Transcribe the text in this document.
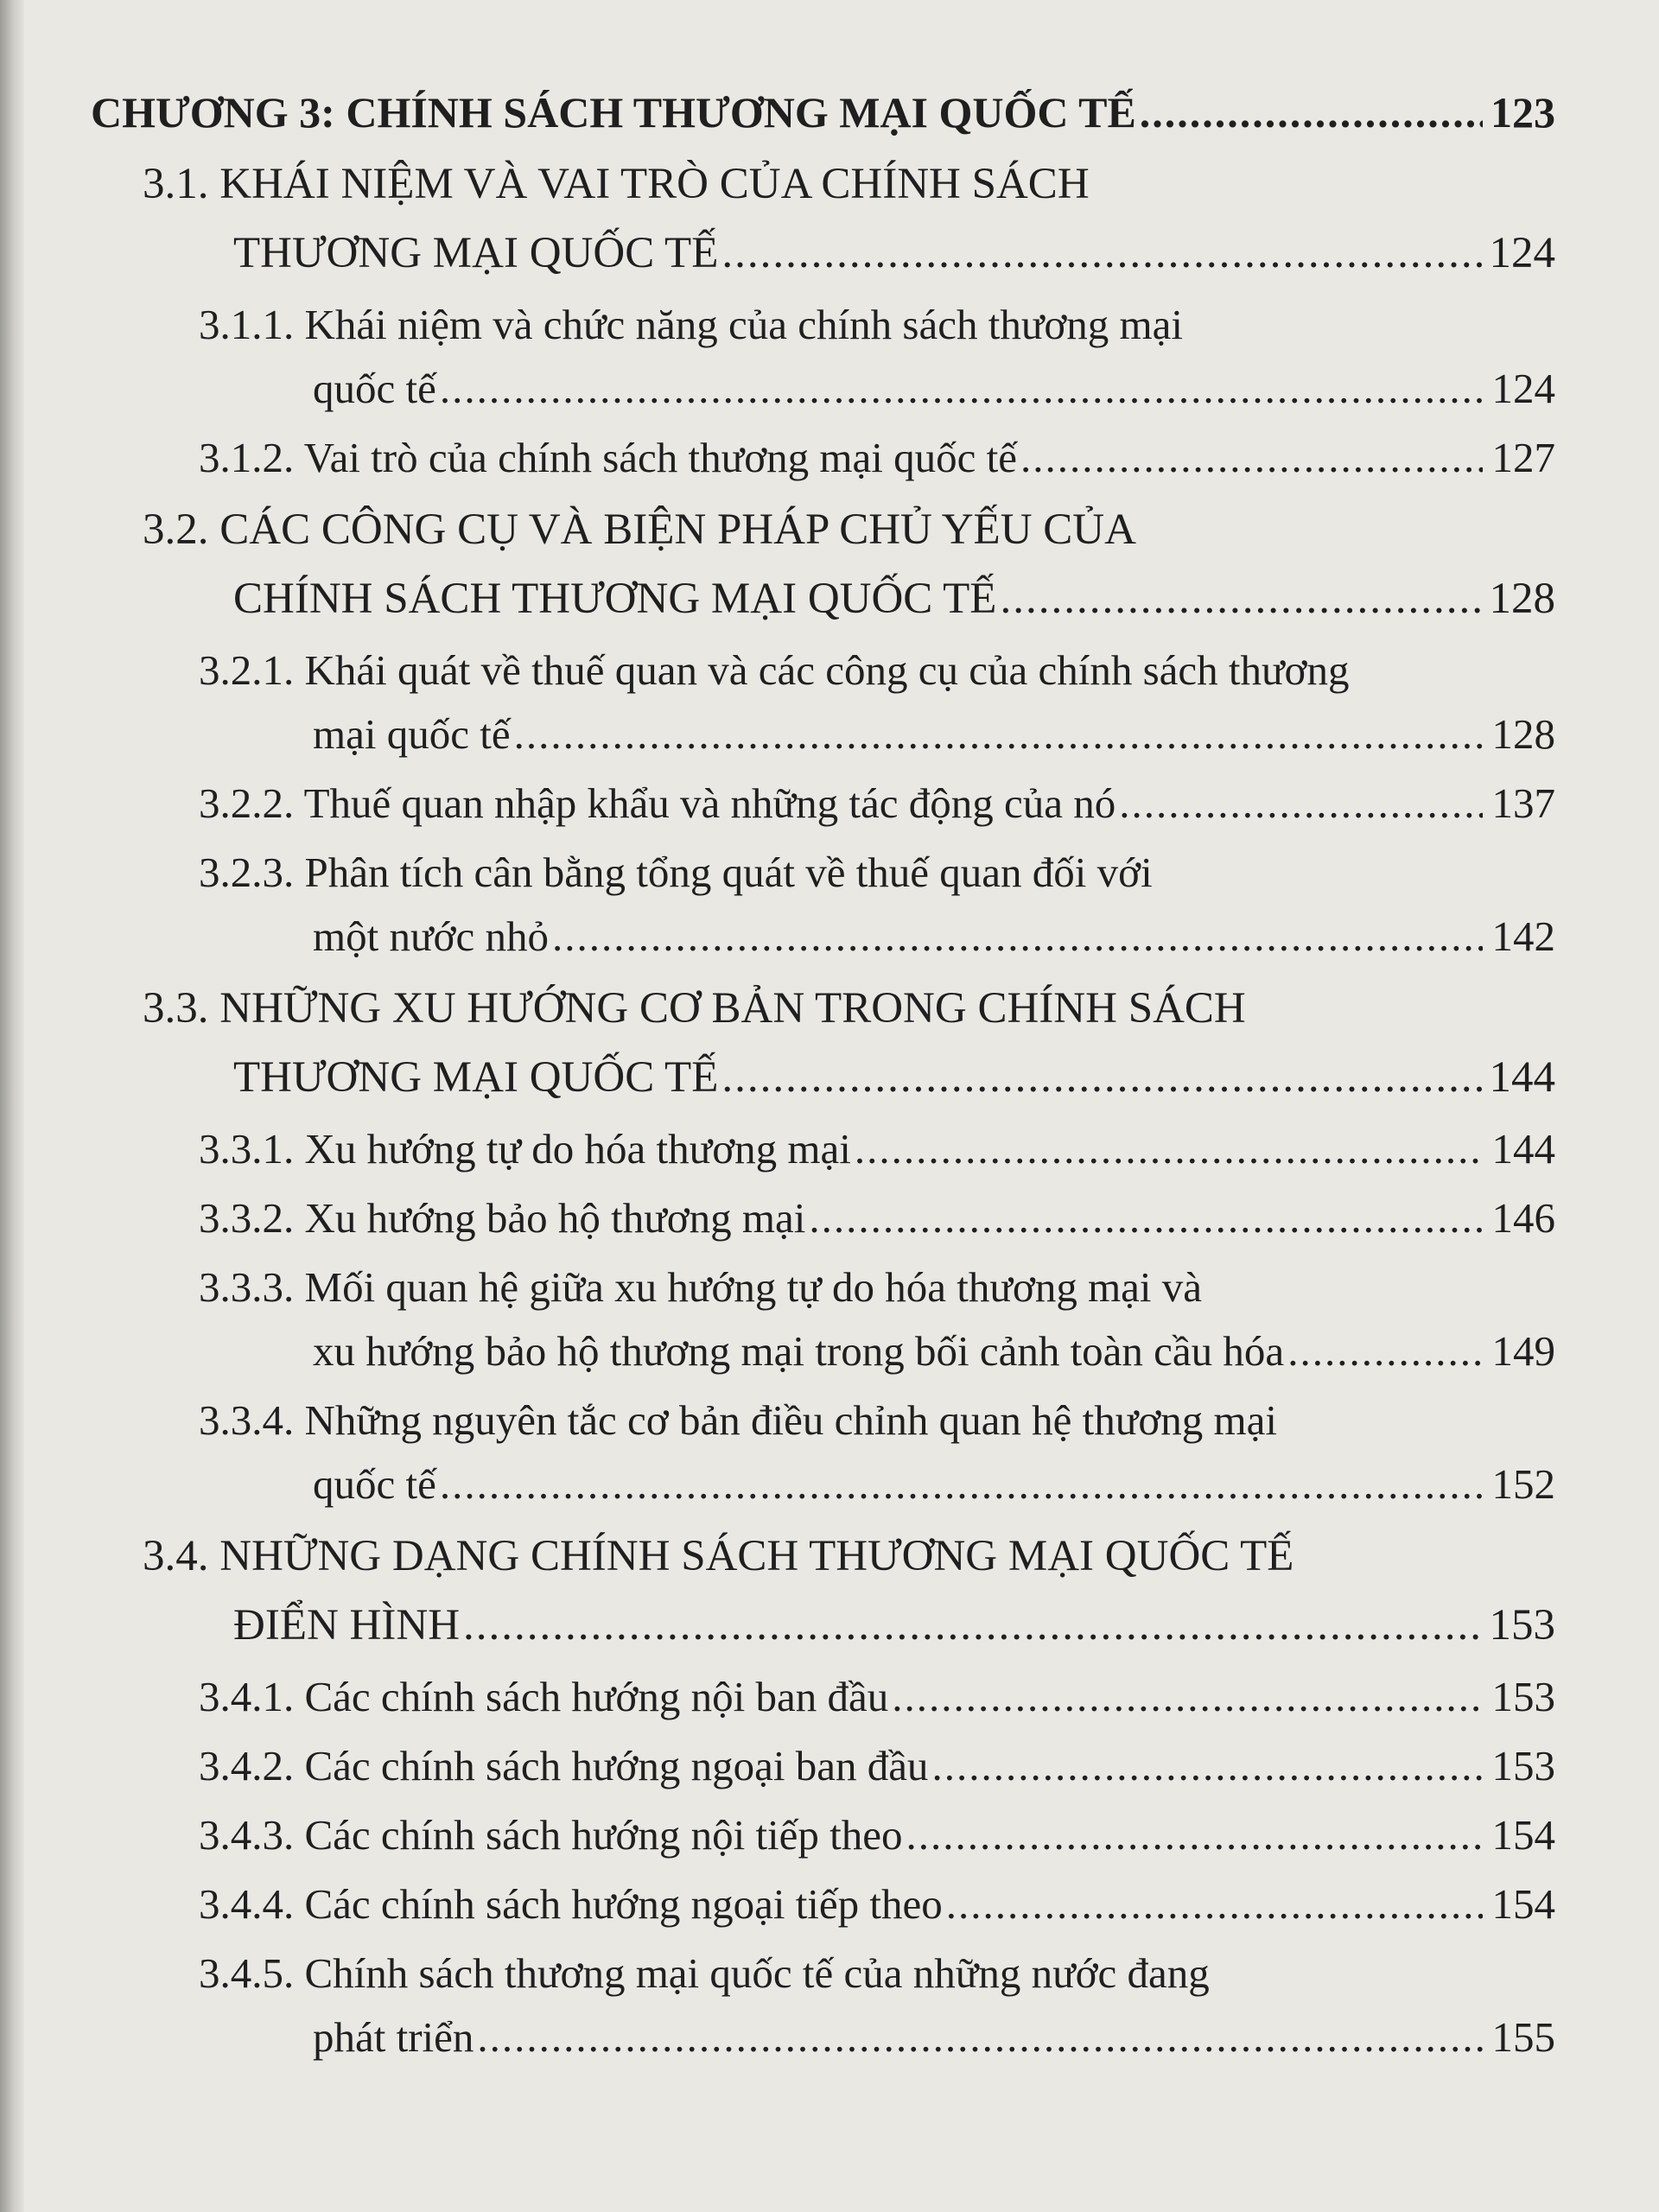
CHƯƠNG 3: CHÍNH SÁCH THƯƠNG MẠI QUỐC TẾ .....	123
3.1. KHÁI NIỆM VÀ VAI TRÒ CỦA CHÍNH SÁCH
THƯƠNG MẠI QUỐC TẾ .....	124
3.1.1. Khái niệm và chức năng của chính sách thương mại
quốc tế .....	124
3.1.2. Vai trò của chính sách thương mại quốc tế .....	127
3.2. CÁC CÔNG CỤ VÀ BIỆN PHÁP CHỦ YẾU CỦA
CHÍNH SÁCH THƯƠNG MẠI QUỐC TẾ .....	128
3.2.1. Khái quát về thuế quan và các công cụ của chính sách thương
mại quốc tế .....	128
3.2.2. Thuế quan nhập khẩu và những tác động của nó .....	137
3.2.3. Phân tích cân bằng tổng quát về thuế quan đối với
một nước nhỏ .....	142
3.3. NHỮNG XU HƯỚNG CƠ BẢN TRONG CHÍNH SÁCH
THƯƠNG MẠI QUỐC TẾ .....	144
3.3.1. Xu hướng tự do hóa thương mại .....	144
3.3.2. Xu hướng bảo hộ thương mại .....	146
3.3.3. Mối quan hệ giữa xu hướng tự do hóa thương mại và
xu hướng bảo hộ thương mại trong bối cảnh toàn cầu hóa .....	149
3.3.4. Những nguyên tắc cơ bản điều chỉnh quan hệ thương mại
quốc tế .....	152
3.4. NHỮNG DẠNG CHÍNH SÁCH THƯƠNG MẠI QUỐC TẾ
ĐIỂN HÌNH .....	153
3.4.1. Các chính sách hướng nội ban đầu .....	153
3.4.2. Các chính sách hướng ngoại ban đầu .....	153
3.4.3. Các chính sách hướng nội tiếp theo .....	154
3.4.4. Các chính sách hướng ngoại tiếp theo .....	154
3.4.5. Chính sách thương mại quốc tế của những nước đang
phát triển .....	155
